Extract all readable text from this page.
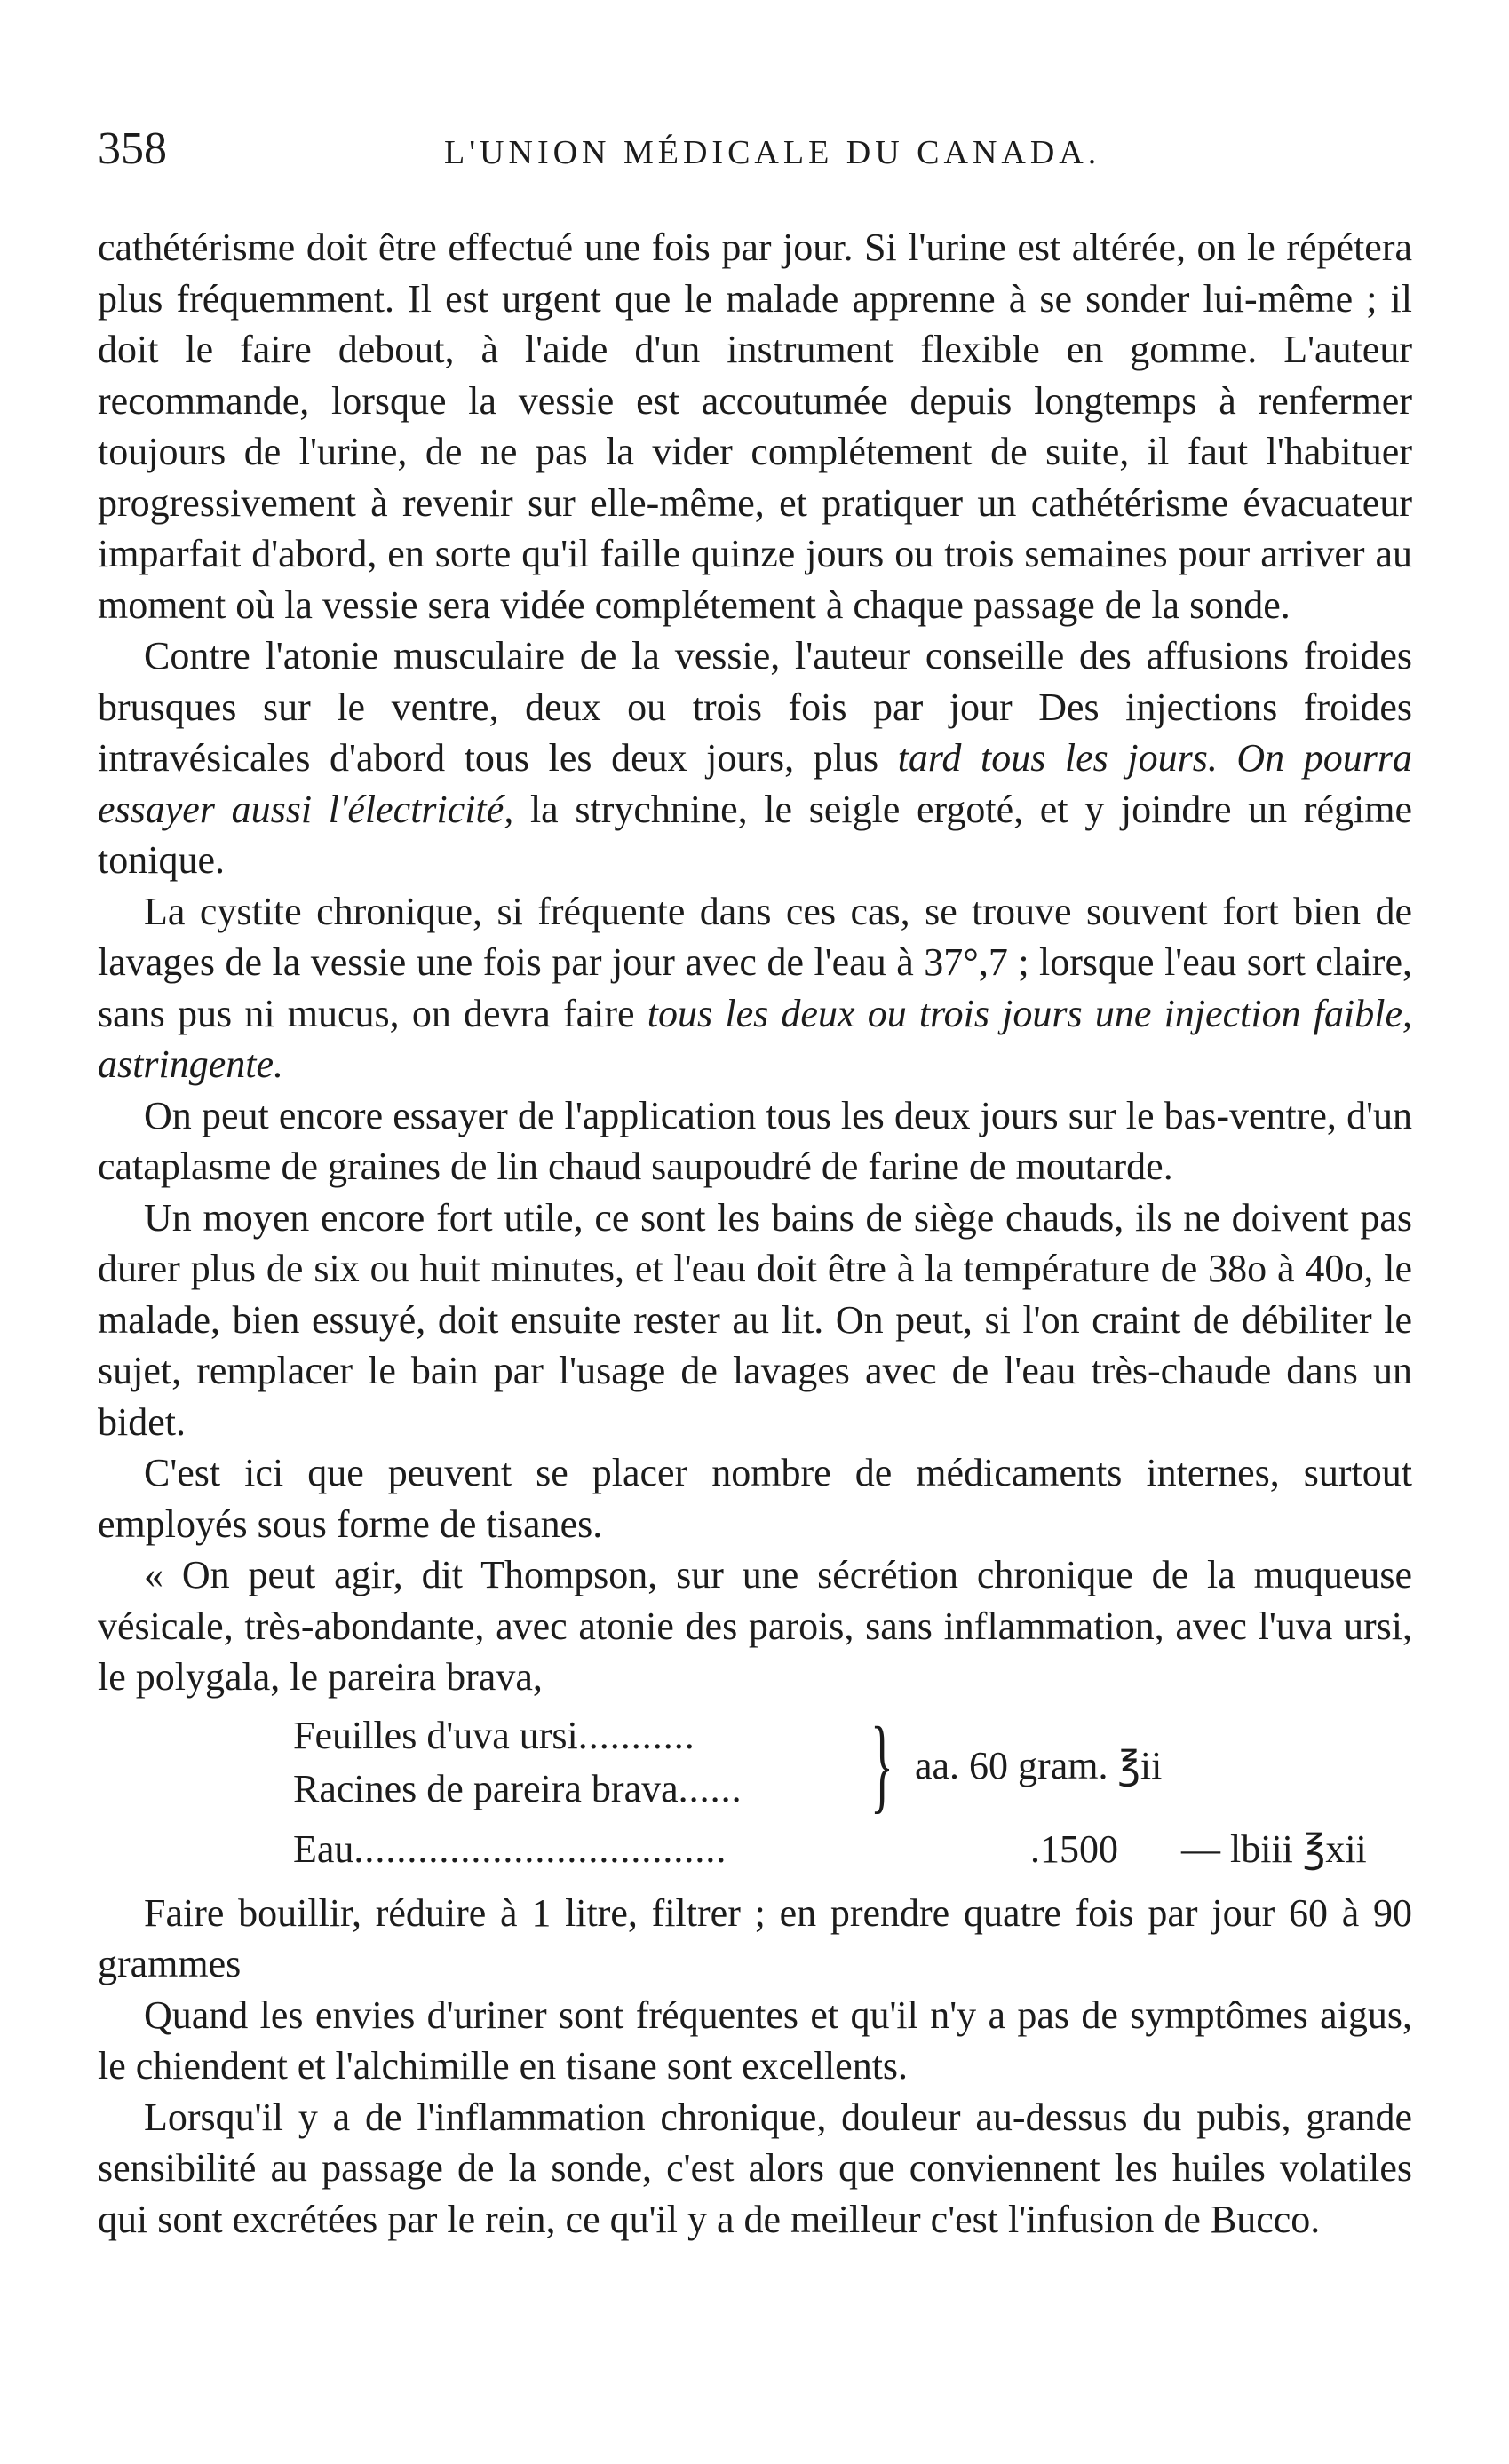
358	L'UNION MÉDICALE DU CANADA.

cathétérisme doit être effectué une fois par jour. Si l'urine est altérée, on le répétera plus fréquemment. Il est urgent que le malade apprenne à se sonder lui-même ; il doit le faire debout, à l'aide d'un instrument flexible en gomme. L'auteur recommande, lorsque la vessie est accoutumée depuis longtemps à renfermer toujours de l'urine, de ne pas la vider complétement de suite, il faut l'habituer progressivement à revenir sur elle-même, et pratiquer un cathétérisme évacuateur imparfait d'abord, en sorte qu'il faille quinze jours ou trois semaines pour arriver au moment où la vessie sera vidée complétement à chaque passage de la sonde.

Contre l'atonie musculaire de la vessie, l'auteur conseille des affusions froides brusques sur le ventre, deux ou trois fois par jour Des injections froides intravésicales d'abord tous les deux jours, plus tard tous les jours. On pourra essayer aussi l'électricité, la strychnine, le seigle ergoté, et y joindre un régime tonique.

La cystite chronique, si fréquente dans ces cas, se trouve souvent fort bien de lavages de la vessie une fois par jour avec de l'eau à 37°,7 ; lorsque l'eau sort claire, sans pus ni mucus, on devra faire tous les deux ou trois jours une injection faible, astringente.

On peut encore essayer de l'application tous les deux jours sur le bas-ventre, d'un cataplasme de graines de lin chaud saupoudré de farine de moutarde.

Un moyen encore fort utile, ce sont les bains de siège chauds, ils ne doivent pas durer plus de six ou huit minutes, et l'eau doit être à la température de 38o à 40o, le malade, bien essuyé, doit ensuite rester au lit. On peut, si l'on craint de débiliter le sujet, remplacer le bain par l'usage de lavages avec de l'eau très-chaude dans un bidet.

C'est ici que peuvent se placer nombre de médicaments internes, surtout employés sous forme de tisanes.

« On peut agir, dit Thompson, sur une sécrétion chronique de la muqueuse vésicale, très-abondante, avec atonie des parois, sans inflammation, avec l'uva ursi, le polygala, le pareira brava,

Feuilles d'uva ursi...........
Racines de pareira brava...... } aa. 60 gram. ℥ii
Eau...................................	.1500 — lbiii ℥xii

Faire bouillir, réduire à 1 litre, filtrer ; en prendre quatre fois par jour 60 à 90 grammes

Quand les envies d'uriner sont fréquentes et qu'il n'y a pas de symptômes aigus, le chiendent et l'alchimille en tisane sont excellents.

Lorsqu'il y a de l'inflammation chronique, douleur au-dessus du pubis, grande sensibilité au passage de la sonde, c'est alors que conviennent les huiles volatiles qui sont excrétées par le rein, ce qu'il y a de meilleur c'est l'infusion de Bucco.
